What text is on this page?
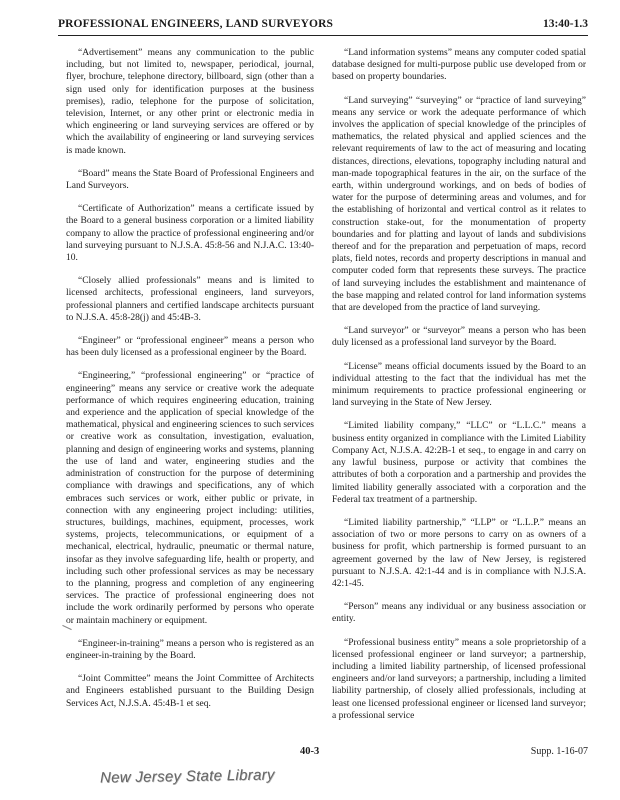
PROFESSIONAL ENGINEERS, LAND SURVEYORS	13:40-1.3

“Advertisement” means any communication to the public including, but not limited to, newspaper, periodical, journal, flyer, brochure, telephone directory, billboard, sign (other than a sign used only for identification purposes at the business premises), radio, telephone for the purpose of solicitation, television, Internet, or any other print or electronic media in which engineering or land surveying services are offered or by which the availability of engineering or land surveying services is made known.

“Board” means the State Board of Professional Engineers and Land Surveyors.

“Certificate of Authorization” means a certificate issued by the Board to a general business corporation or a limited liability company to allow the practice of professional engineering and/or land surveying pursuant to N.J.S.A. 45:8-56 and N.J.A.C. 13:40-10.

“Closely allied professionals” means and is limited to licensed architects, professional engineers, land surveyors, professional planners and certified landscape architects pursuant to N.J.S.A. 45:8-28(j) and 45:4B-3.

“Engineer” or “professional engineer” means a person who has been duly licensed as a professional engineer by the Board.

“Engineering,” “professional engineering” or “practice of engineering” means any service or creative work the adequate performance of which requires engineering education, training and experience and the application of special knowledge of the mathematical, physical and engineering sciences to such services or creative work as consultation, investigation, evaluation, planning and design of engineering works and systems, planning the use of land and water, engineering studies and the administration of construction for the purpose of determining compliance with drawings and specifications, any of which embraces such services or work, either public or private, in connection with any engineering project including: utilities, structures, buildings, machines, equipment, processes, work systems, projects, telecommunications, or equipment of a mechanical, electrical, hydraulic, pneumatic or thermal nature, insofar as they involve safeguarding life, health or property, and including such other professional services as may be necessary to the planning, progress and completion of any engineering services. The practice of professional engineering does not include the work ordinarily performed by persons who operate or maintain machinery or equipment.

“Engineer-in-training” means a person who is registered as an engineer-in-training by the Board.

“Joint Committee” means the Joint Committee of Architects and Engineers established pursuant to the Building Design Services Act, N.J.S.A. 45:4B-1 et seq.

“Land information systems” means any computer coded spatial database designed for multi-purpose public use developed from or based on property boundaries.

“Land surveying” “surveying” or “practice of land surveying” means any service or work the adequate performance of which involves the application of special knowledge of the principles of mathematics, the related physical and applied sciences and the relevant requirements of law to the act of measuring and locating distances, directions, elevations, topography including natural and man-made topographical features in the air, on the surface of the earth, within underground workings, and on beds of bodies of water for the purpose of determining areas and volumes, and for the establishing of horizontal and vertical control as it relates to construction stake-out, for the monumentation of property boundaries and for platting and layout of lands and subdivisions thereof and for the preparation and perpetuation of maps, record plats, field notes, records and property descriptions in manual and computer coded form that represents these surveys. The practice of land surveying includes the establishment and maintenance of the base mapping and related control for land information systems that are developed from the practice of land surveying.

“Land surveyor” or “surveyor” means a person who has been duly licensed as a professional land surveyor by the Board.

“License” means official documents issued by the Board to an individual attesting to the fact that the individual has met the minimum requirements to practice professional engineering or land surveying in the State of New Jersey.

“Limited liability company,” “LLC” or “L.L.C.” means a business entity organized in compliance with the Limited Liability Company Act, N.J.S.A. 42:2B-1 et seq., to engage in and carry on any lawful business, purpose or activity that combines the attributes of both a corporation and a partnership and provides the limited liability generally associated with a corporation and the Federal tax treatment of a partnership.

“Limited liability partnership,” “LLP” or “L.L.P.” means an association of two or more persons to carry on as owners of a business for profit, which partnership is formed pursuant to an agreement governed by the law of New Jersey, is registered pursuant to N.J.S.A. 42:1-44 and is in compliance with N.J.S.A. 42:1-45.

“Person” means any individual or any business association or entity.

“Professional business entity” means a sole proprietorship of a licensed professional engineer or land surveyor; a partnership, including a limited liability partnership, of licensed professional engineers and/or land surveyors; a partnership, including a limited liability partnership, of closely allied professionals, including at least one licensed professional engineer or licensed land surveyor; a professional service

40-3	Supp. 1-16-07
New Jersey State Library
